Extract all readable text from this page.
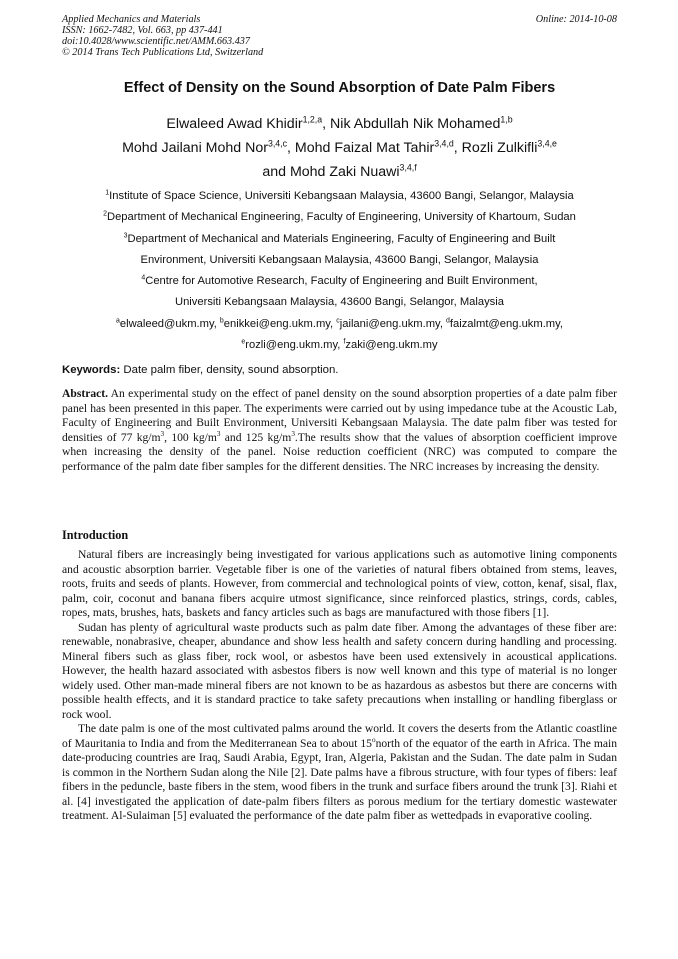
Applied Mechanics and Materials
ISSN: 1662-7482, Vol. 663, pp 437-441
doi:10.4028/www.scientific.net/AMM.663.437
© 2014 Trans Tech Publications Ltd, Switzerland
Online: 2014-10-08
Effect of Density on the Sound Absorption of Date Palm Fibers
Elwaleed Awad Khidir$^{1,2,a}$, Nik Abdullah Nik Mohamed$^{1,b}$
Mohd Jailani Mohd Nor$^{3,4,c}$, Mohd Faizal Mat Tahir$^{3,4,d}$, Rozli Zulkifli$^{3,4,e}$
and Mohd Zaki Nuawi$^{3,4,f}$
$^1$Institute of Space Science, Universiti Kebangsaan Malaysia, 43600 Bangi, Selangor, Malaysia
$^2$Department of Mechanical Engineering, Faculty of Engineering, University of Khartoum, Sudan
$^3$Department of Mechanical and Materials Engineering, Faculty of Engineering and Built
Environment, Universiti Kebangsaan Malaysia, 43600 Bangi, Selangor, Malaysia
$^4$Centre for Automotive Research, Faculty of Engineering and Built Environment,
Universiti Kebangsaan Malaysia, 43600 Bangi, Selangor, Malaysia
$^a$elwaleed@ukm.my, $^b$enikkei@eng.ukm.my, $^c$jailani@eng.ukm.my, $^d$faizalmt@eng.ukm.my,
$^e$rozli@eng.ukm.my, $^f$zaki@eng.ukm.my
Keywords: Date palm fiber, density, sound absorption.
Abstract. An experimental study on the effect of panel density on the sound absorption properties of a date palm fiber panel has been presented in this paper. The experiments were carried out by using impedance tube at the Acoustic Lab, Faculty of Engineering and Built Environment, Universiti Kebangsaan Malaysia. The date palm fiber was tested for densities of 77 $kg/m^3$, 100 $kg/m^3$ and 125 $kg/m^3.The$ results show that the values of absorption coefficient improve when increasing the density of the panel. Noise reduction coefficient (NRC) was computed to compare the performance of the palm date fiber samples for the different densities. The NRC increases by increasing the density.
Introduction

Natural fibers are increasingly being investigated for various applications such as automotive lining components and acoustic absorption barrier. Vegetable fiber is one of the varieties of natural fibers obtained from stems, leaves, roots, fruits and seeds of plants. However, from commercial and technological points of view, cotton, kenaf, sisal, flax, palm, coir, coconut and banana fibers acquire utmost significance, since reinforced plastics, strings, cords, cables, ropes, mats, brushes, hats, baskets and fancy articles such as bags are manufactured with those fibers [1].

Sudan has plenty of agricultural waste products such as palm date fiber. Among the advantages of these fiber are: renewable, nonabrasive, cheaper, abundance and show less health and safety concern during handling and processing. Mineral fibers such as glass fiber, rock wool, or asbestos have been used extensively in acoustical applications. However, the health hazard associated with asbestos fibers is now well known and this type of material is no longer widely used. Other man-made mineral fibers are not known to be as hazardous as asbestos but there are concerns with possible health effects, and it is standard practice to take safety precautions when installing or handling fiberglass or rock wool.

The date palm is one of the most cultivated palms around the world. It covers the deserts from the Atlantic coastline of Mauritania to India and from the Mediterranean Sea to about 15$^o$north of the equator of the earth in Africa. The main date-producing countries are Iraq, Saudi Arabia, Egypt, Iran, Algeria, Pakistan and the Sudan. The date palm in Sudan is common in the Northern Sudan along the Nile [2]. Date palms have a fibrous structure, with four types of fibers: leaf fibers in the peduncle, baste fibers in the stem, wood fibers in the trunk and surface fibers around the trunk [3]. Riahi et al. [4] investigated the application of date-palm fibers filters as porous medium for the tertiary domestic wastewater treatment. Al-Sulaiman [5] evaluated the performance of the date palm fiber as wettedpads in evaporative cooling.
